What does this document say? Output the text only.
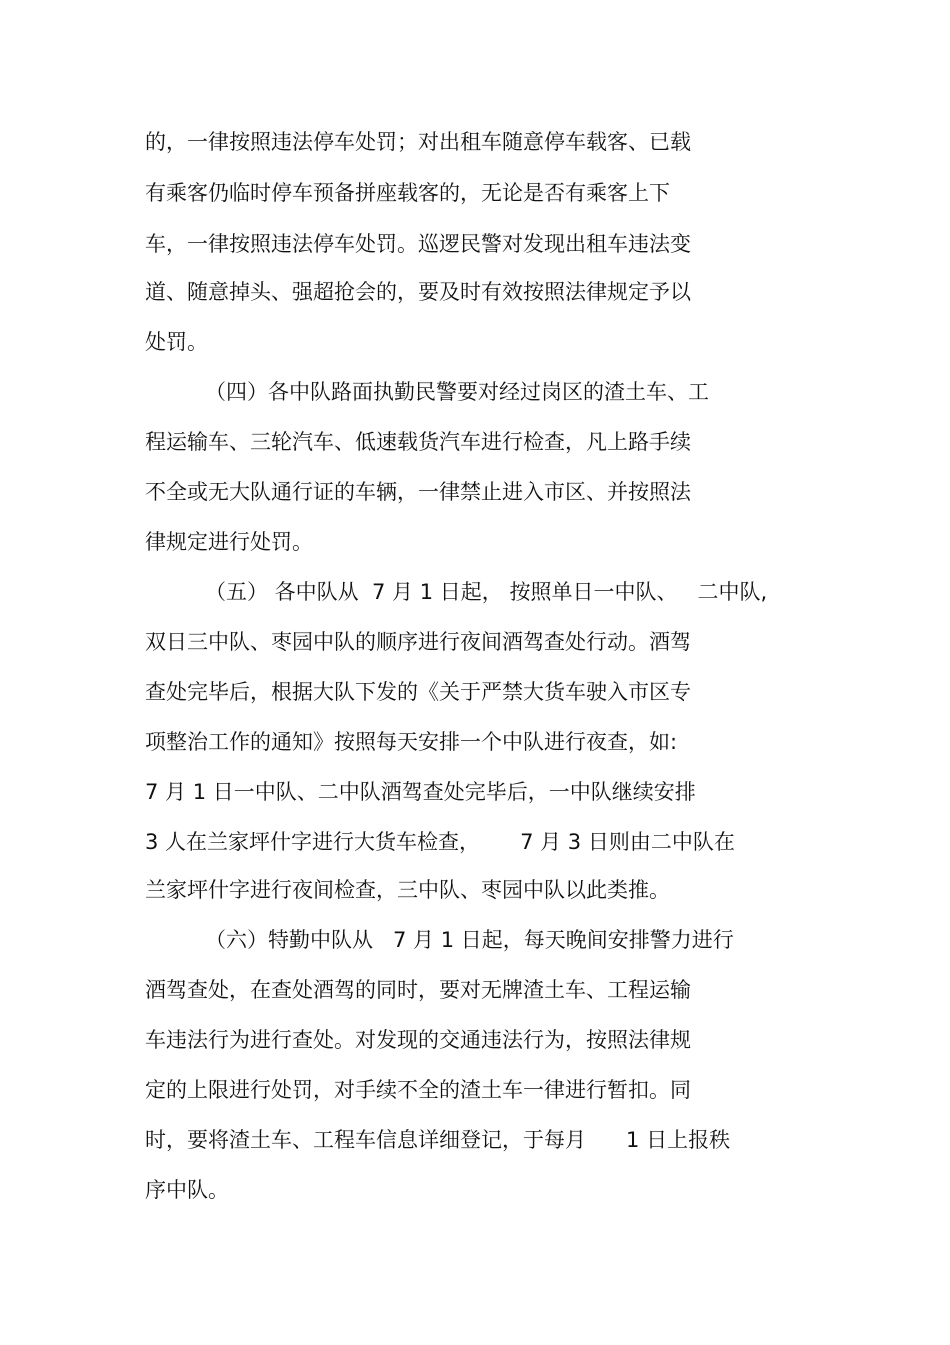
的，一律按照违法停车处罚；对出租车随意停车载客、已载
有乘客仍临时停车预备拼座载客的，无论是否有乘客上下
车，一律按照违法停车处罚。巡逻民警对发现出租车违法变
道、随意掉头、强超抢会的，要及时有效按照法律规定予以
处罚。
（四）各中队路面执勤民警要对经过岗区的渣土车、工
程运输车、三轮汽车、低速载货汽车进行检查，凡上路手续
不全或无大队通行证的车辆，一律禁止进入市区、并按照法
律规定进行处罚。
（五） 各中队从  7 月 1 日起， 按照单日一中队、   二中队,
双日三中队、枣园中队的顺序进行夜间酒驾查处行动。酒驾
查处完毕后，根据大队下发的《关于严禁大货车驶入市区专
项整治工作的通知》按照每天安排一个中队进行夜查，如:
7 月 1 日一中队、二中队酒驾查处完毕后，一中队继续安排
3 人在兰家坪什字进行大货车检查，      7 月 3 日则由二中队在
兰家坪什字进行夜间检查，三中队、枣园中队以此类推。
（六）特勤中队从   7 月 1 日起，每天晚间安排警力进行
酒驾查处，在查处酒驾的同时，要对无牌渣土车、工程运输
车违法行为进行查处。对发现的交通违法行为，按照法律规
定的上限进行处罚，对手续不全的渣土车一律进行暂扣。同
时，要将渣土车、工程车信息详细登记，于每月      1 日上报秩
序中队。
